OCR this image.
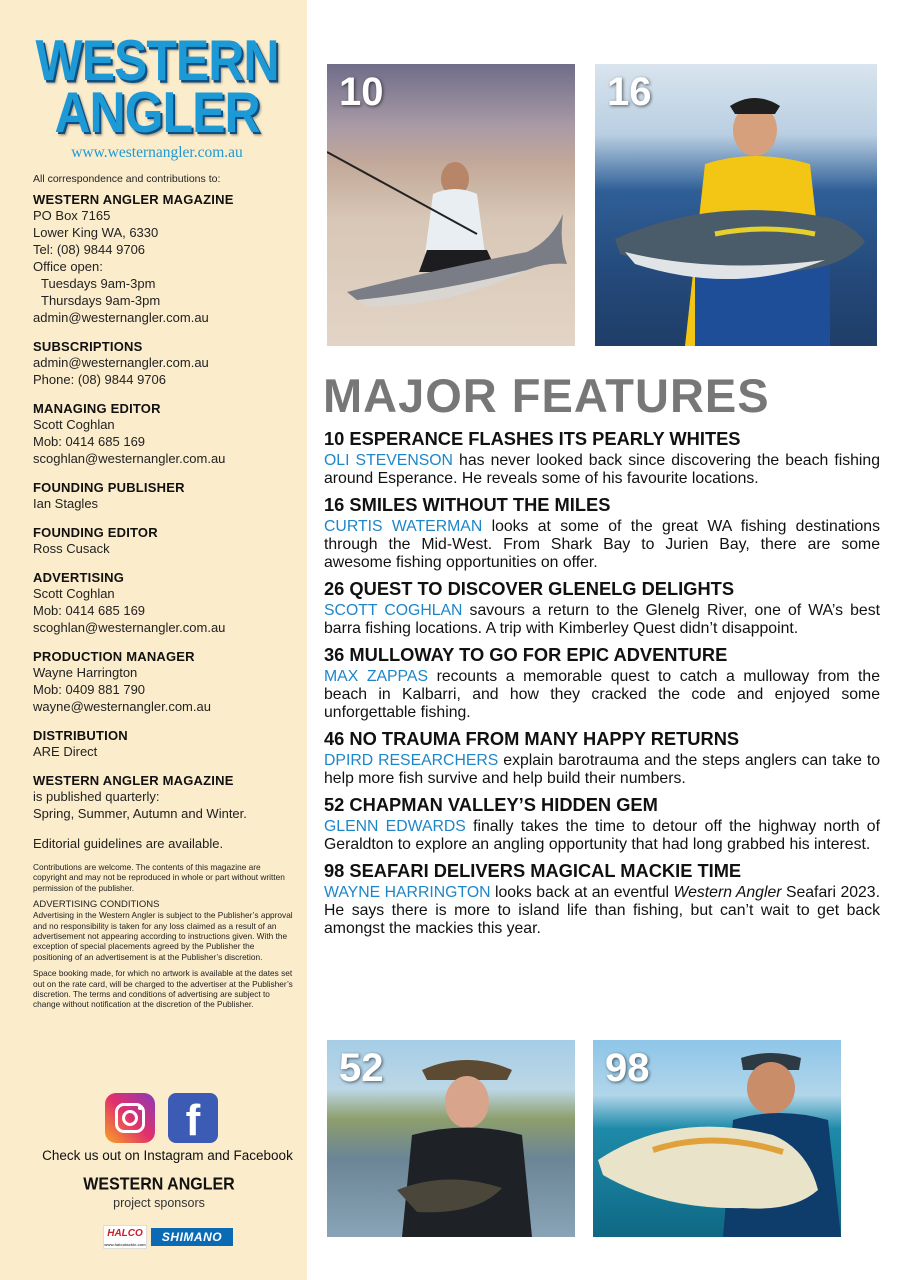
WESTERN
ANGLER
www.westernangler.com.au
All correspondence and contributions to:
WESTERN ANGLER MAGAZINE
PO Box 7165
Lower King WA, 6330
Tel: (08) 9844 9706
Office open:
Tuesdays 9am-3pm
Thursdays 9am-3pm
admin@westernangler.com.au
SUBSCRIPTIONS
admin@westernangler.com.au
Phone: (08) 9844 9706
MANAGING EDITOR
Scott Coghlan
Mob: 0414 685 169
scoghlan@westernangler.com.au
FOUNDING PUBLISHER
Ian Stagles
FOUNDING EDITOR
Ross Cusack
ADVERTISING
Scott Coghlan
Mob: 0414 685 169
scoghlan@westernangler.com.au
PRODUCTION MANAGER
Wayne Harrington
Mob: 0409 881 790
wayne@westernangler.com.au
DISTRIBUTION
ARE Direct
WESTERN ANGLER MAGAZINE
is published quarterly:
Spring, Summer, Autumn and Winter.
Editorial guidelines are available.
Contributions are welcome. The contents of this magazine are copyright and may not be reproduced in whole or part without written permission of the publisher.
ADVERTISING CONDITIONS
Advertising in the Western Angler is subject to the Publisher’s approval and no responsibility is taken for any loss claimed as a result of an advertisement not appearing according to instructions given. With the exception of special placements agreed by the Publisher the positioning of an advertisement is at the Publisher’s discretion.
Space booking made, for which no artwork is available at the dates set out on the rate card, will be charged to the advertiser at the Publisher’s discretion. The terms and conditions of advertising are subject to change without notification at the discretion of the Publisher.
f
Check us out on Instagram and Facebook
WESTERN ANGLER
project sponsors
HALCO
www.halcotackle.com
SHIMANO
10	16
52	98
MAJOR FEATURES
10 ESPERANCE FLASHES ITS PEARLY WHITES
OLI STEVENSON has never looked back since discovering the beach fishing around Esperance. He reveals some of his favourite locations.
16 SMILES WITHOUT THE MILES
CURTIS WATERMAN looks at some of the great WA fishing destinations through the Mid-West. From Shark Bay to Jurien Bay, there are some awesome fishing opportunities on offer.
26 QUEST TO DISCOVER GLENELG DELIGHTS
SCOTT COGHLAN savours a return to the Glenelg River, one of WA’s best barra fishing locations. A trip with Kimberley Quest didn’t disappoint.
36 MULLOWAY TO GO FOR EPIC ADVENTURE
MAX ZAPPAS recounts a memorable quest to catch a mulloway from the beach in Kalbarri, and how they cracked the code and enjoyed some unforgettable fishing.
46 NO TRAUMA FROM MANY HAPPY RETURNS
DPIRD RESEARCHERS explain barotrauma and the steps anglers can take to help more fish survive and help build their numbers.
52 CHAPMAN VALLEY’S HIDDEN GEM
GLENN EDWARDS finally takes the time to detour off the highway north of Geraldton to explore an angling opportunity that had long grabbed his interest.
98 SEAFARI DELIVERS MAGICAL MACKIE TIME
WAYNE HARRINGTON looks back at an eventful Western Angler Seafari 2023. He says there is more to island life than fishing, but can’t wait to get back amongst the mackies this year.
